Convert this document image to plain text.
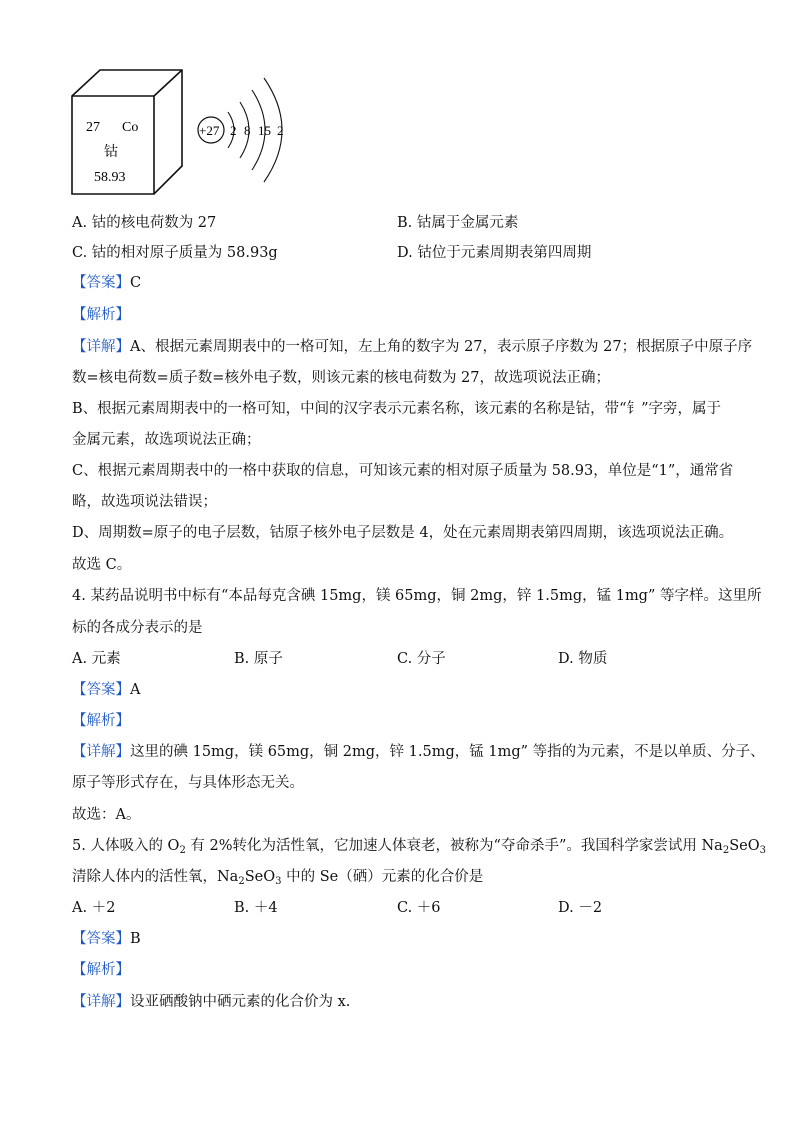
27 Co
钴
58.93
+27 2 8 15 2
A. 钴的核电荷数为 27	B. 钴属于金属元素
C. 钴的相对原子质量为 58.93g	D. 钴位于元素周期表第四周期
【答案】C
【解析】
【详解】A、根据元素周期表中的一格可知，左上角的数字为 27，表示原子序数为 27；根据原子中原子序
数=核电荷数=质子数=核外电子数，则该元素的核电荷数为 27，故选项说法正确；
B、根据元素周期表中的一格可知，中间的汉字表示元素名称，该元素的名称是钴，带“钅”字旁，属于
金属元素，故选项说法正确；
C、根据元素周期表中的一格中获取的信息，可知该元素的相对原子质量为 58.93，单位是“1”，通常省
略，故选项说法错误；
D、周期数=原子的电子层数，钴原子核外电子层数是 4，处在元素周期表第四周期，该选项说法正确。
故选 C。
4. 某药品说明书中标有“本品每克含碘 15mg，镁 65mg，铜 2mg，锌 1.5mg，锰 1mg” 等字样。这里所
标的各成分表示的是
A. 元素	B. 原子	C. 分子	D. 物质
【答案】A
【解析】
【详解】这里的碘 15mg，镁 65mg，铜 2mg，锌 1.5mg，锰 1mg” 等指的为元素，不是以单质、分子、
原子等形式存在，与具体形态无关。
故选：A。
5. 人体吸入的 $O_2$ 有 2%转化为活性氧，它加速人体衰老，被称为“夺命杀手”。我国科学家尝试用 $Na_2SeO_3$
清除人体内的活性氧，$Na_2SeO_3$ 中的 Se（硒）元素的化合价是
A. ＋2	B. ＋4	C. ＋6	D. －2
【答案】B
【解析】
【详解】设亚硒酸钠中硒元素的化合价为 x.
